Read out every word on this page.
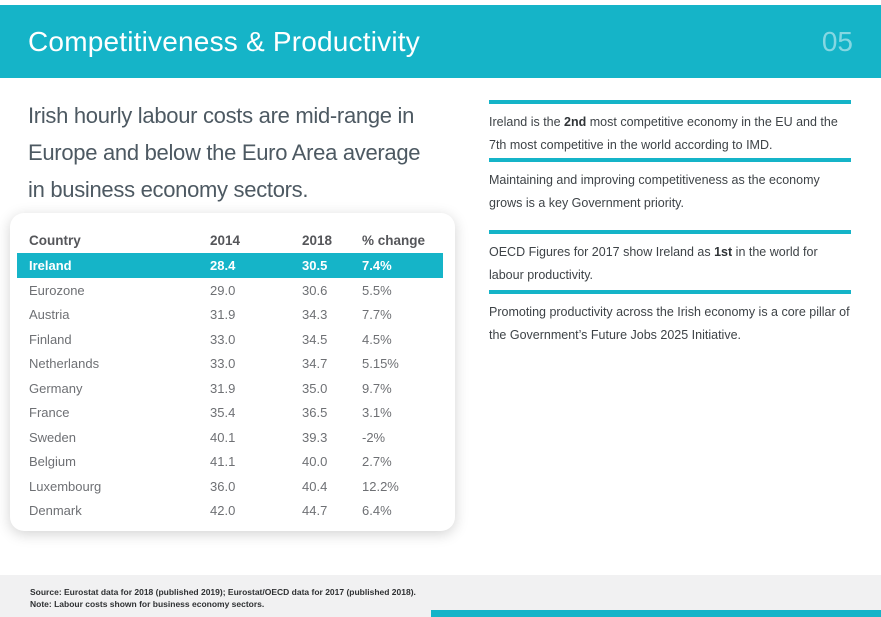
Competitiveness & Productivity	05
Irish hourly labour costs are mid-range in
Europe and below the Euro Area average
in business economy sectors.
Country	2014	2018	% change
Ireland	28.4	30.5	7.4%
Eurozone	29.0	30.6	5.5%
Austria	31.9	34.3	7.7%
Finland	33.0	34.5	4.5%
Netherlands	33.0	34.7	5.15%
Germany	31.9	35.0	9.7%
France	35.4	36.5	3.1%
Sweden	40.1	39.3	-2%
Belgium	41.1	40.0	2.7%
Luxembourg	36.0	40.4	12.2%
Denmark	42.0	44.7	6.4%

Ireland is the 2nd most competitive economy in the EU and the 7th most competitive in the world according to IMD.

Maintaining and improving competitiveness as the economy grows is a key Government priority.

OECD Figures for 2017 show Ireland as 1st in the world for labour productivity.

Promoting productivity across the Irish economy is a core pillar of the Government’s Future Jobs 2025 Initiative.

Source: Eurostat data for 2018 (published 2019); Eurostat/OECD data for 2017 (published 2018).
Note: Labour costs shown for business economy sectors.
